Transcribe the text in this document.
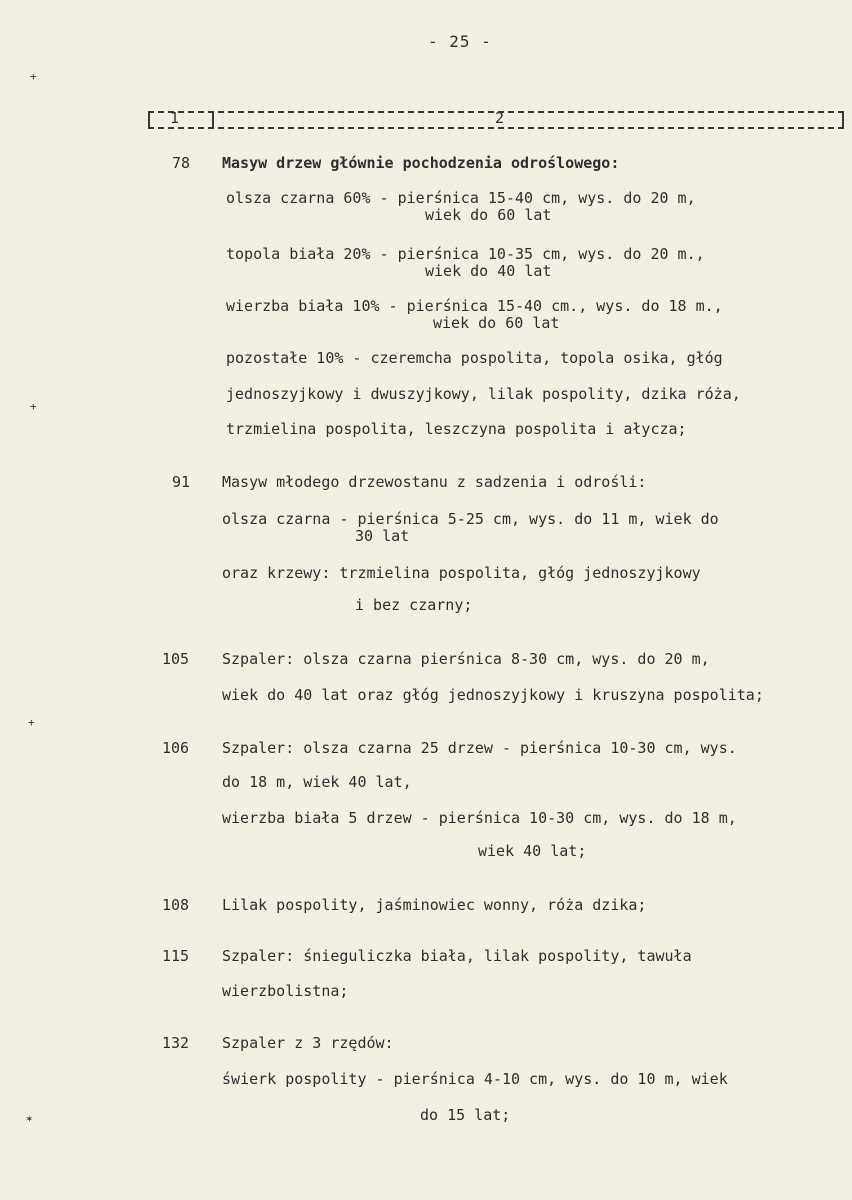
+
+
+
✶
- 25 -
1	2
78 Masyw drzew głównie pochodzenia odroślowego:
olsza czarna 60% - pierśnica 15-40 cm, wys. do 20 m,
wiek do 60 lat
topola biała 20% - pierśnica 10-35 cm, wys. do 20 m.,
wiek do 40 lat
wierzba biała 10% - pierśnica 15-40 cm., wys. do 18 m.,
wiek do 60 lat
pozostałe 10% - czeremcha pospolita, topola osika, głóg
jednoszyjkowy i dwuszyjkowy, lilak pospolity, dzika róża,
trzmielina pospolita, leszczyna pospolita i ałycza;
91 Masyw młodego drzewostanu z sadzenia i odrośli:
olsza czarna - pierśnica 5-25 cm, wys. do 11 m, wiek do
30 lat
oraz krzewy: trzmielina pospolita, głóg jednoszyjkowy
i bez czarny;
105 Szpaler: olsza czarna pierśnica 8-30 cm, wys. do 20 m,
wiek do 40 lat oraz głóg jednoszyjkowy i kruszyna pospolita;
106 Szpaler: olsza czarna 25 drzew - pierśnica 10-30 cm, wys.
do 18 m, wiek 40 lat,
wierzba biała 5 drzew - pierśnica 10-30 cm, wys. do 18 m,
wiek 40 lat;
108 Lilak pospolity, jaśminowiec wonny, róża dzika;
115 Szpaler: śnieguliczka biała, lilak pospolity, tawuła
wierzbolistna;
132 Szpaler z 3 rzędów:
świerk pospolity - pierśnica 4-10 cm, wys. do 10 m, wiek
do 15 lat;
